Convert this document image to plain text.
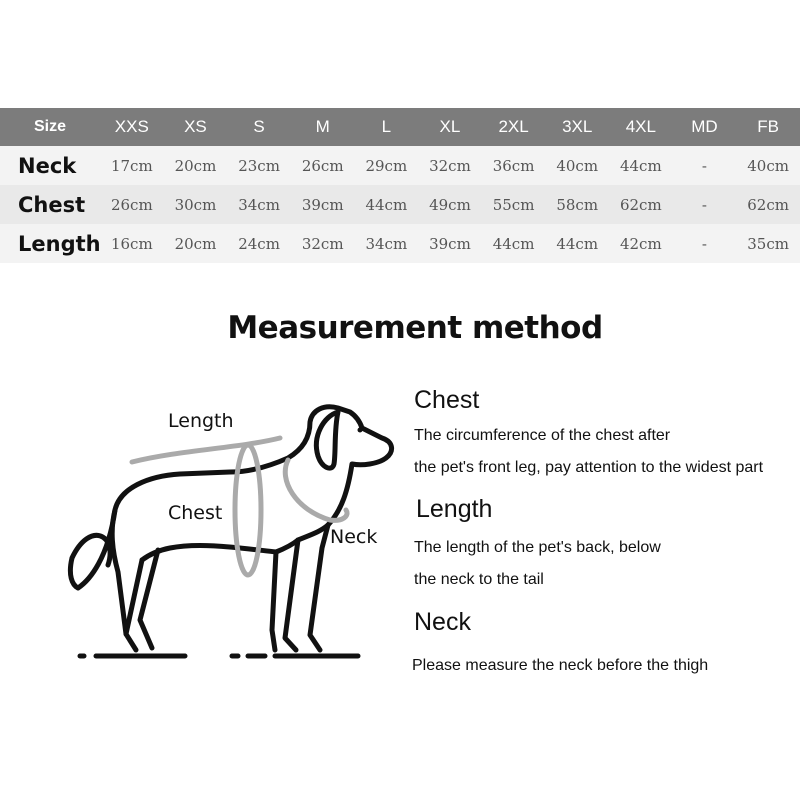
Size	XXS	XS	S	M	L	XL	2XL	3XL	4XL	MD	FB
Neck	17cm	20cm	23cm	26cm	29cm	32cm	36cm	40cm	44cm	-	40cm
Chest	26cm	30cm	34cm	39cm	44cm	49cm	55cm	58cm	62cm	-	62cm
Length	16cm	20cm	24cm	32cm	34cm	39cm	44cm	44cm	42cm	-	35cm
Measurement method
Length
Chest
Neck
Chest
The circumference of the chest after
the pet's front leg, pay attention to the widest part
Length
The length of the pet's back, below
the neck to the tail
Neck
Please measure the neck before the thigh
